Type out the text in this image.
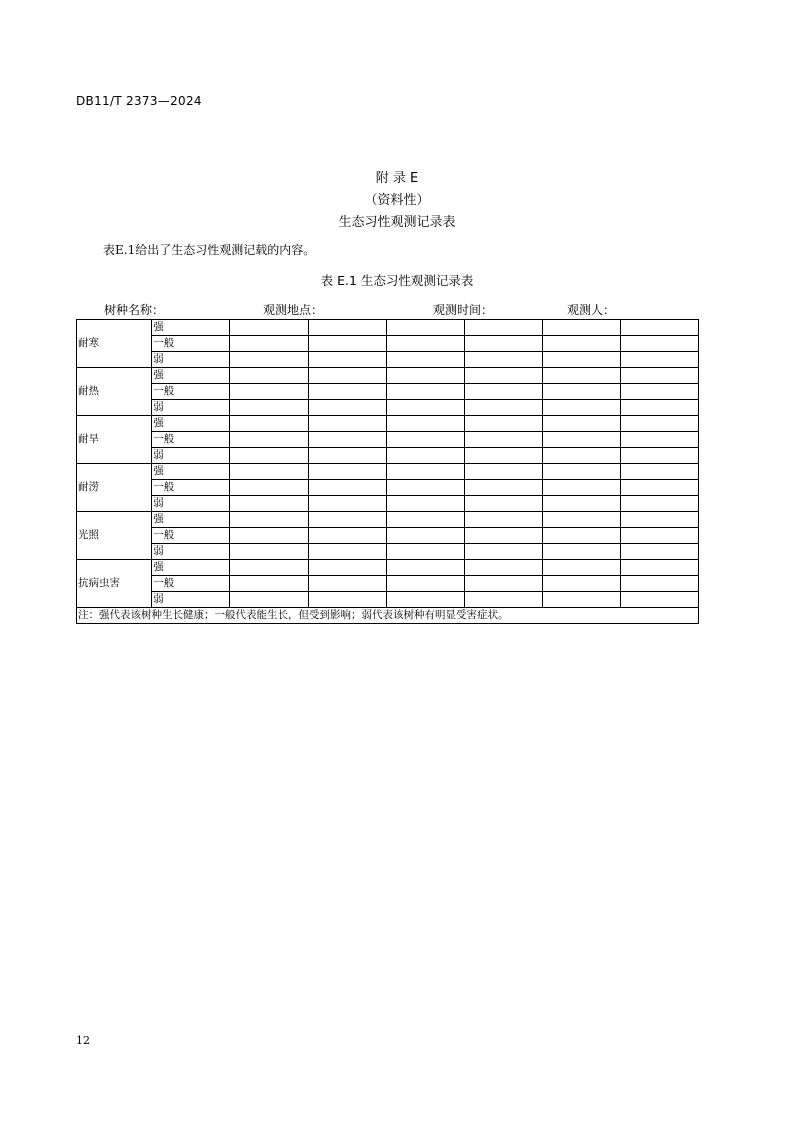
DB11/T 2373—2024
附 录 E
（资料性）
生态习性观测记录表
表E.1给出了生态习性观测记载的内容。
表 E.1 生态习性观测记录表
树种名称：	观测地点：	观测时间：	观测人：
耐寒	强						
	一般						
	弱						
耐热	强						
	一般						
	弱						
耐旱	强						
	一般						
	弱						
耐涝	强						
	一般						
	弱						
光照	强						
	一般						
	弱						
抗病虫害	强						
	一般						
	弱						
注：强代表该树种生长健康；一般代表能生长，但受到影响；弱代表该树种有明显受害症状。							
12
